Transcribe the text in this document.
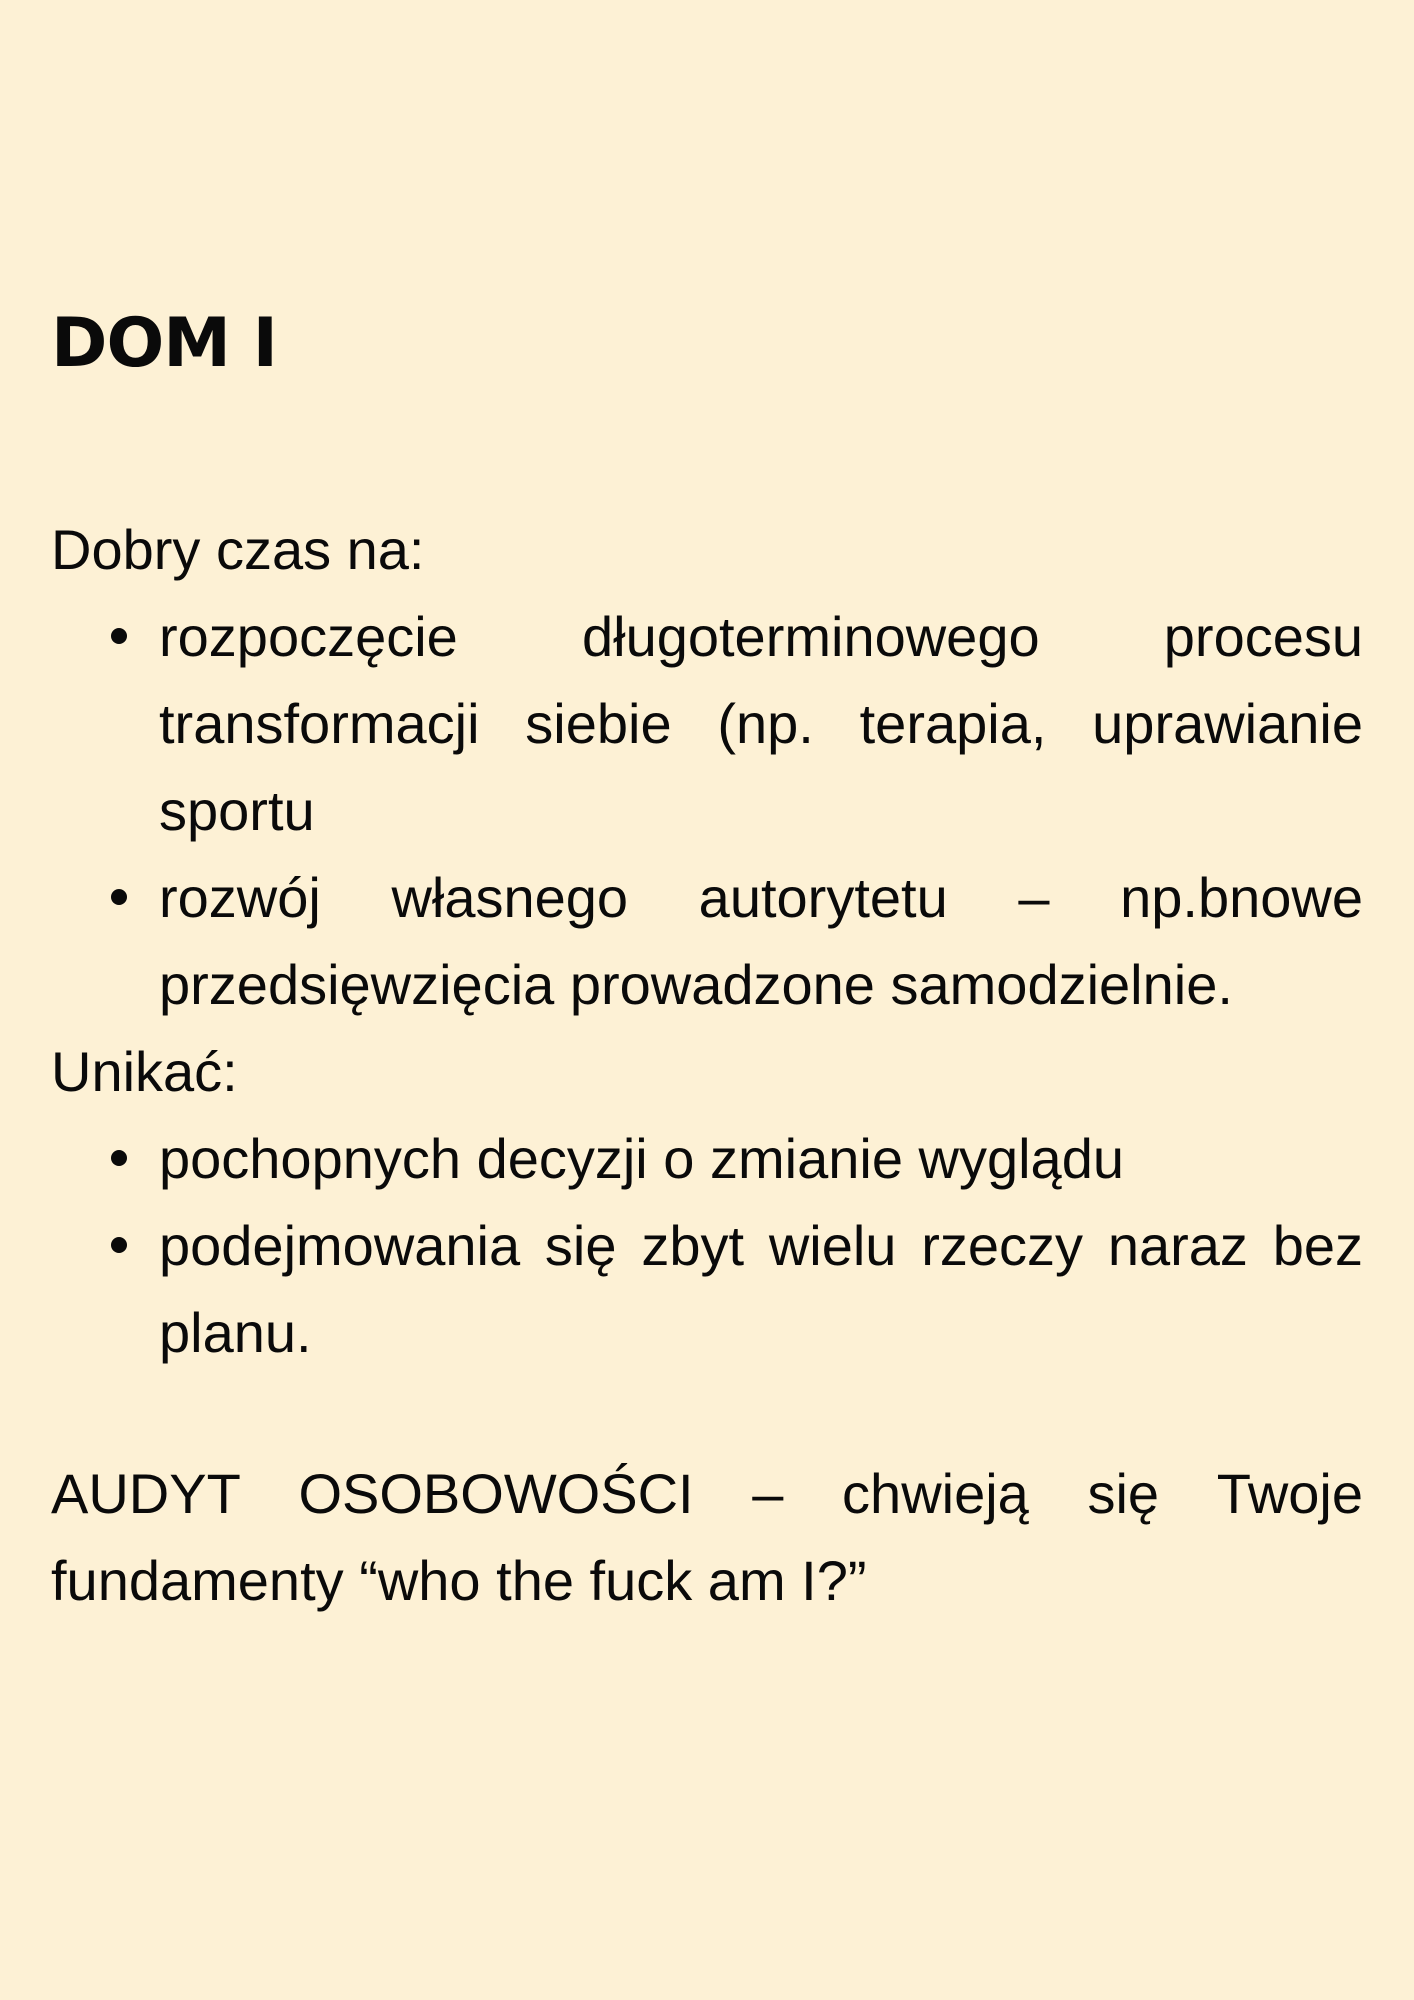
DOM I

Dobry czas na:

rozpoczęcie długoterminowego procesu transformacji siebie (np. terapia, uprawianie sportu
rozwój własnego autorytetu – np.bnowe przedsięwzięcia prowadzone samodzielnie.

Unikać:

pochopnych decyzji o zmianie wyglądu
podejmowania się zbyt wielu rzeczy naraz bez planu.

AUDYT OSOBOWOŚCI – chwieją się Twoje fundamenty “who the fuck am I?”
